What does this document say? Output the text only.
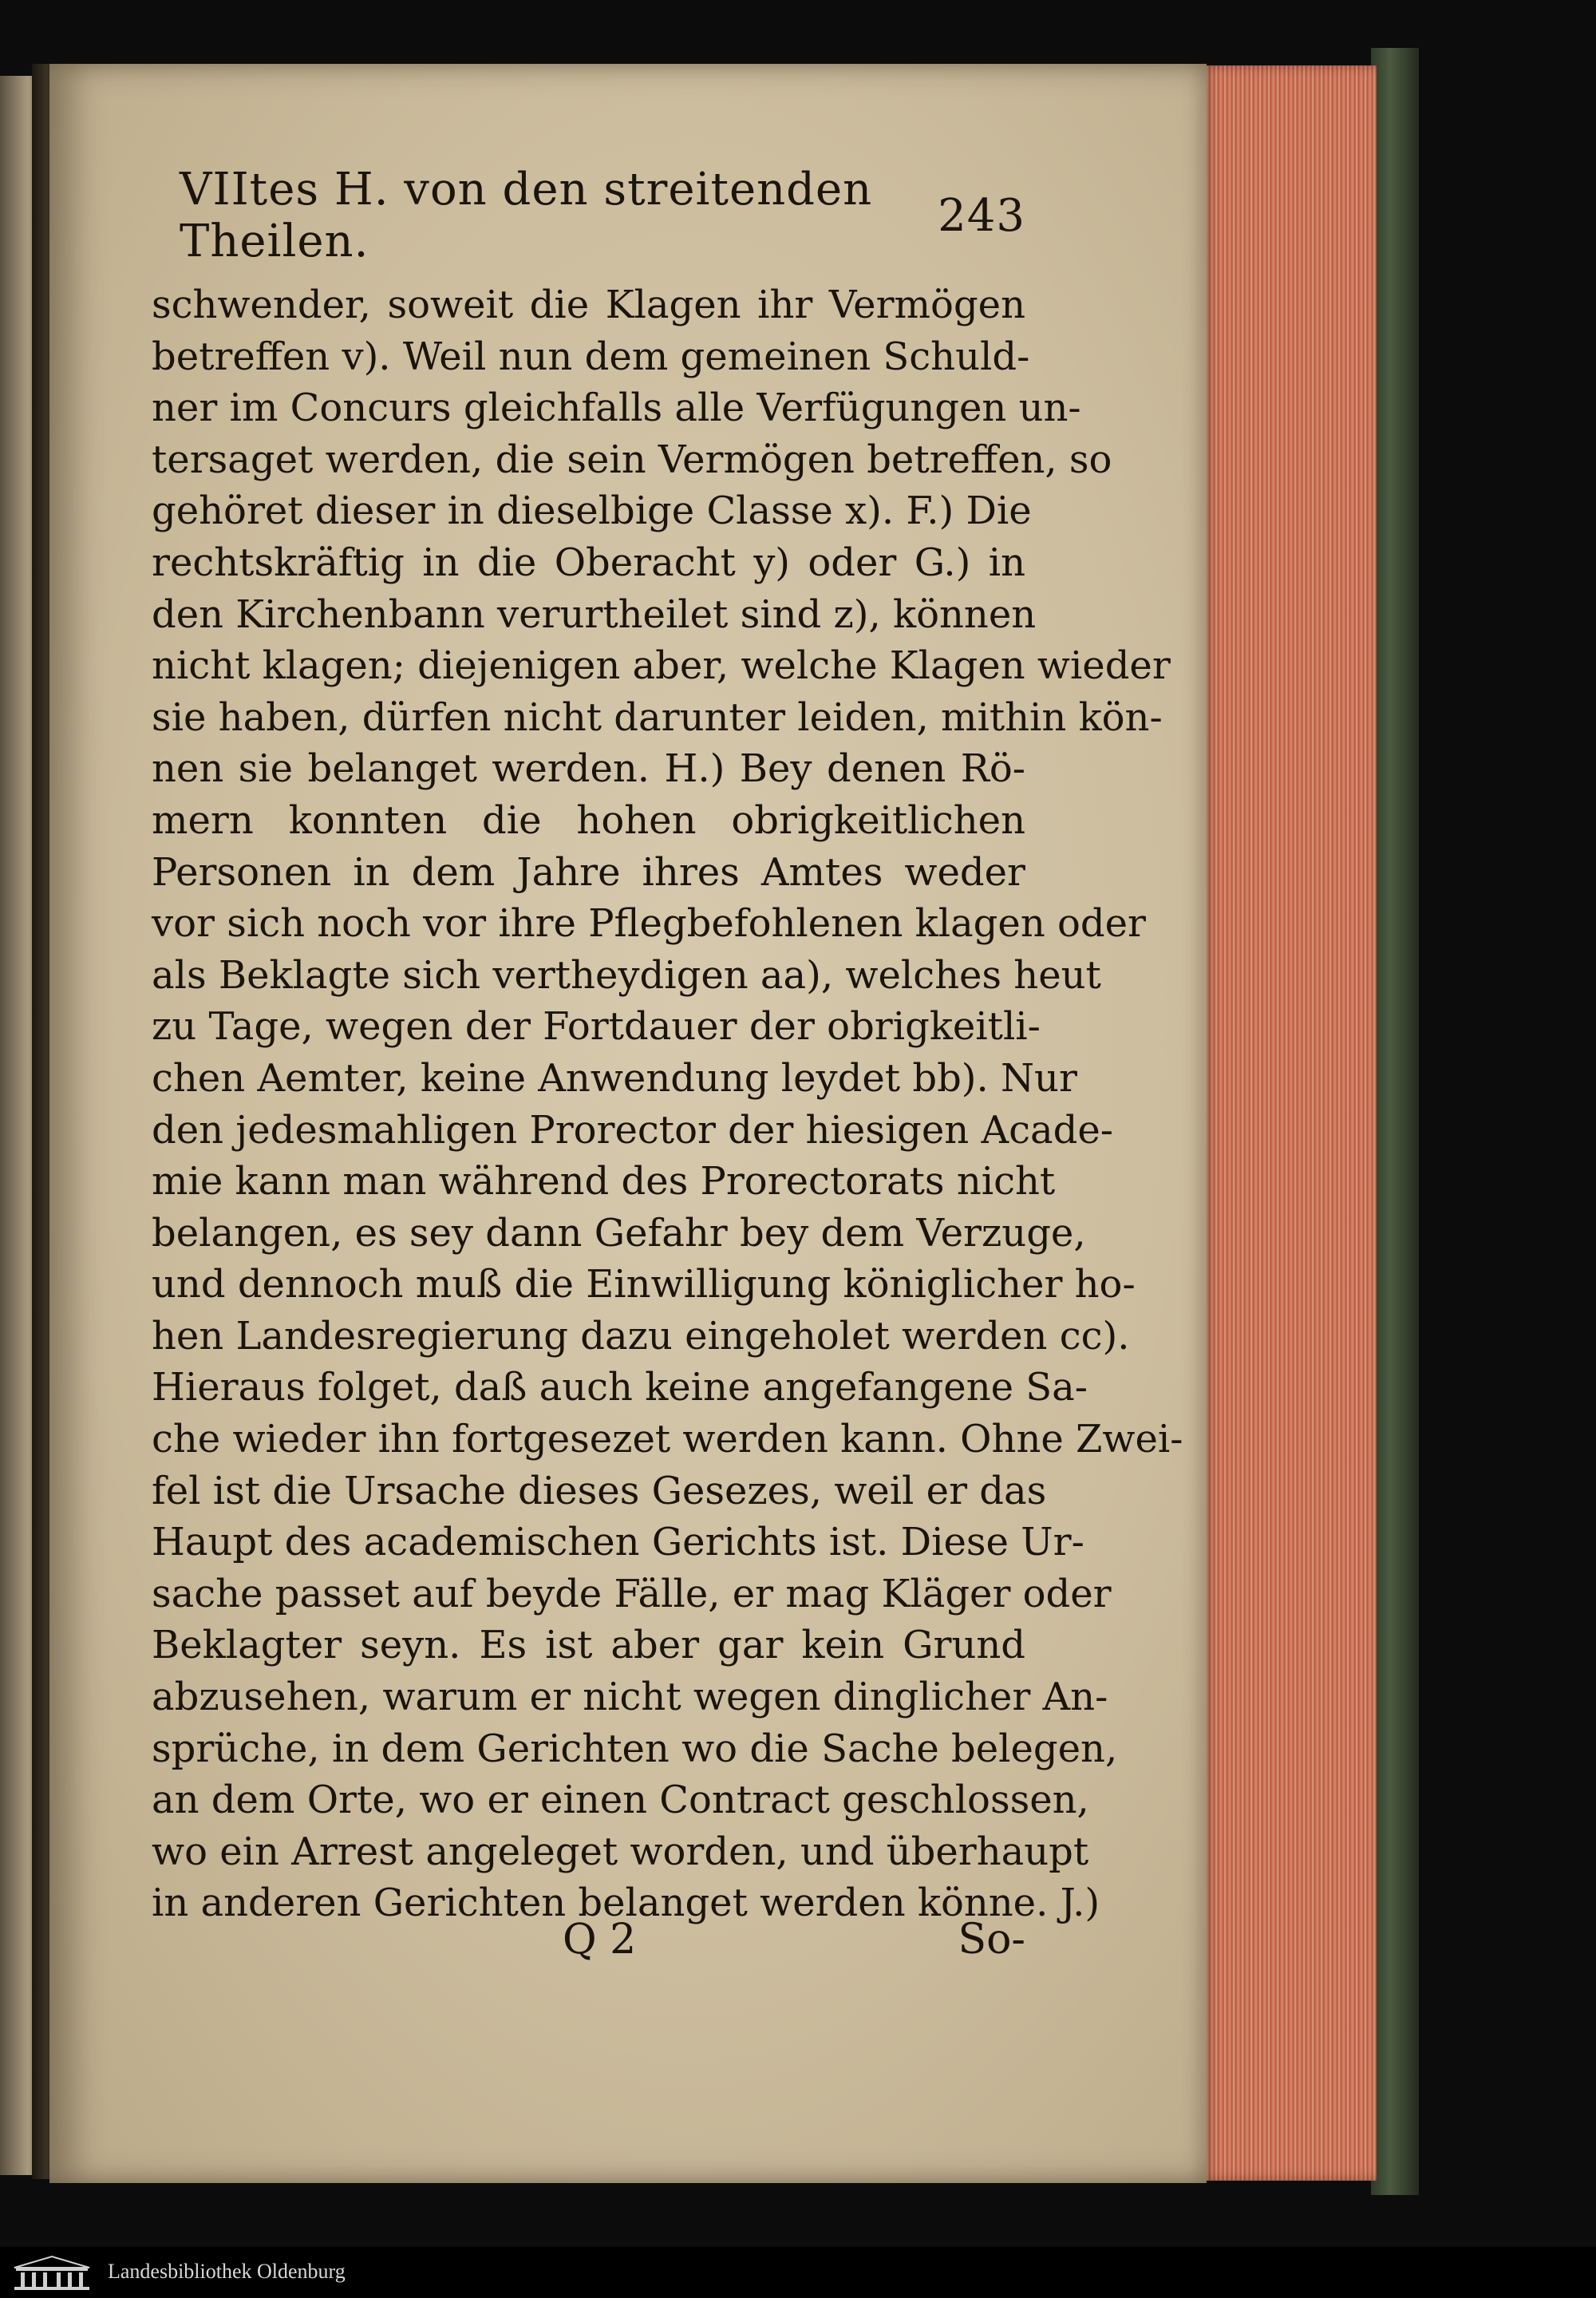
VIItes H. von den streitenden Theilen.	243
schwender, soweit die Klagen ihr Vermögen
betreffen v). Weil nun dem gemeinen Schuld-
ner im Concurs gleichfalls alle Verfügungen un-
tersaget werden, die sein Vermögen betreffen, so
gehöret dieser in dieselbige Classe x). F.) Die
rechtskräftig in die Oberacht y) oder G.) in
den Kirchenbann verurtheilet sind z), können
nicht klagen; diejenigen aber, welche Klagen wieder
sie haben, dürfen nicht darunter leiden, mithin kön-
nen sie belanget werden. H.) Bey denen Rö-
mern konnten die hohen obrigkeitlichen
Personen in dem Jahre ihres Amtes weder
vor sich noch vor ihre Pflegbefohlenen klagen oder
als Beklagte sich vertheydigen aa), welches heut
zu Tage, wegen der Fortdauer der obrigkeitli-
chen Aemter, keine Anwendung leydet bb). Nur
den jedesmahligen Prorector der hiesigen Acade-
mie kann man während des Prorectorats nicht
belangen, es sey dann Gefahr bey dem Verzuge,
und dennoch muß die Einwilligung königlicher ho-
hen Landesregierung dazu eingeholet werden cc).
Hieraus folget, daß auch keine angefangene Sa-
che wieder ihn fortgesezet werden kann. Ohne Zwei-
fel ist die Ursache dieses Gesezes, weil er das
Haupt des academischen Gerichts ist. Diese Ur-
sache passet auf beyde Fälle, er mag Kläger oder
Beklagter seyn. Es ist aber gar kein Grund
abzusehen, warum er nicht wegen dinglicher An-
sprüche, in dem Gerichten wo die Sache belegen,
an dem Orte, wo er einen Contract geschlossen,
wo ein Arrest angeleget worden, und überhaupt
in anderen Gerichten belanget werden könne. J.)
Q 2	So-
Landesbibliothek Oldenburg
